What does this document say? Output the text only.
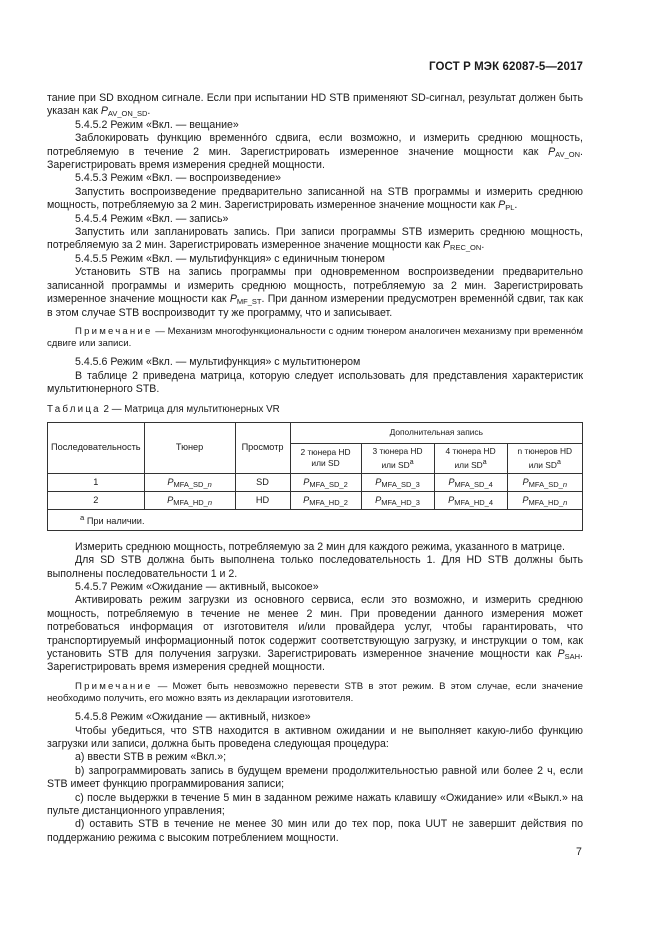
ГОСТ Р МЭК 62087-5—2017

тание при SD входном сигнале. Если при испытании HD STB применяют SD-сигнал, результат должен быть указан как $P_{AV\_ON\_SD}$.

5.4.5.2 Режим «Вкл. — вещание»

Заблокировать функцию временнóго сдвига, если возможно, и измерить среднюю мощность, потребляемую в течение 2 мин. Зарегистрировать измеренное значение мощности как $P_{AV\_ON}$. Зарегистрировать время измерения средней мощности.

5.4.5.3 Режим «Вкл. — воспроизведение»

Запустить воспроизведение предварительно записанной на STB программы и измерить среднюю мощность, потребляемую за 2 мин. Зарегистрировать измеренное значение мощности как $P_{PL}$.

5.4.5.4 Режим «Вкл. — запись»

Запустить или запланировать запись. При записи программы STB измерить среднюю мощность, потребляемую за 2 мин. Зарегистрировать измеренное значение мощности как $P_{REC\_ON}$.

5.4.5.5 Режим «Вкл. — мультифункция» с единичным тюнером

Установить STB на запись программы при одновременном воспроизведении предварительно записанной программы и измерить среднюю мощность, потребляемую за 2 мин. Зарегистрировать измеренное значение мощности как $P_{MF\_ST}$. При данном измерении предусмотрен временнóй сдвиг, так как в этом случае STB воспроизводит ту же программу, что и записывает.

Примечание — Механизм многофункциональности с одним тюнером аналогичен механизму при временнóм сдвиге или записи.

5.4.5.6 Режим «Вкл. — мультифункция» с мультитюнером

В таблице 2 приведена матрица, которую следует использовать для представления характеристик мультитюнерного STB.

Таблица 2 — Матрица для мультитюнерных VR

Последовательность	Тюнер	Просмотр	Дополнительная запись			
			2 тюнера HD или SD	3 тюнера HD или $SD^a$	4 тюнера HD или $SD^a$	n тюнеров HD или $SD^a$
1	$P_{MFA\_SD\_n}$	SD	$P_{MFA\_SD\_2}$	$P_{MFA\_SD\_3}$	$P_{MFA\_SD\_4}$	$P_{MFA\_SD\_n}$
2	$P_{MFA\_HD\_n}$	HD	$P_{MFA\_HD\_2}$	$P_{MFA\_HD\_3}$	$P_{MFA\_HD\_4}$	$P_{MFA\_HD\_n}$
$^a$ При наличии.						

Измерить среднюю мощность, потребляемую за 2 мин для каждого режима, указанного в матрице.

Для SD STB должна быть выполнена только последовательность 1. Для HD STB должны быть выполнены последовательности 1 и 2.

5.4.5.7 Режим «Ожидание — активный, высокое»

Активировать режим загрузки из основного сервиса, если это возможно, и измерить среднюю мощность, потребляемую в течение не менее 2 мин. При проведении данного измерения может потребоваться информация от изготовителя и/или провайдера услуг, чтобы гарантировать, что транспортируемый информационный поток содержит соответствующую загрузку, и инструкции о том, как установить STB для получения загрузки. Зарегистрировать измеренное значение мощности как $P_{SAH}$. Зарегистрировать время измерения средней мощности.

Примечание — Может быть невозможно перевести STB в этот режим. В этом случае, если значение необходимо получить, его можно взять из декларации изготовителя.

5.4.5.8 Режим «Ожидание — активный, низкое»

Чтобы убедиться, что STB находится в активном ожидании и не выполняет какую-либо функцию загрузки или записи, должна быть проведена следующая процедура:

a) ввести STB в режим «Вкл.»;

b) запрограммировать запись в будущем времени продолжительностью равной или более 2 ч, если STB имеет функцию программирования записи;

c) после выдержки в течение 5 мин в заданном режиме нажать клавишу «Ожидание» или «Выкл.» на пульте дистанционного управления;

d) оставить STB в течение не менее 30 мин или до тех пор, пока UUT не завершит действия по поддержанию режима с высоким потреблением мощности.

7
